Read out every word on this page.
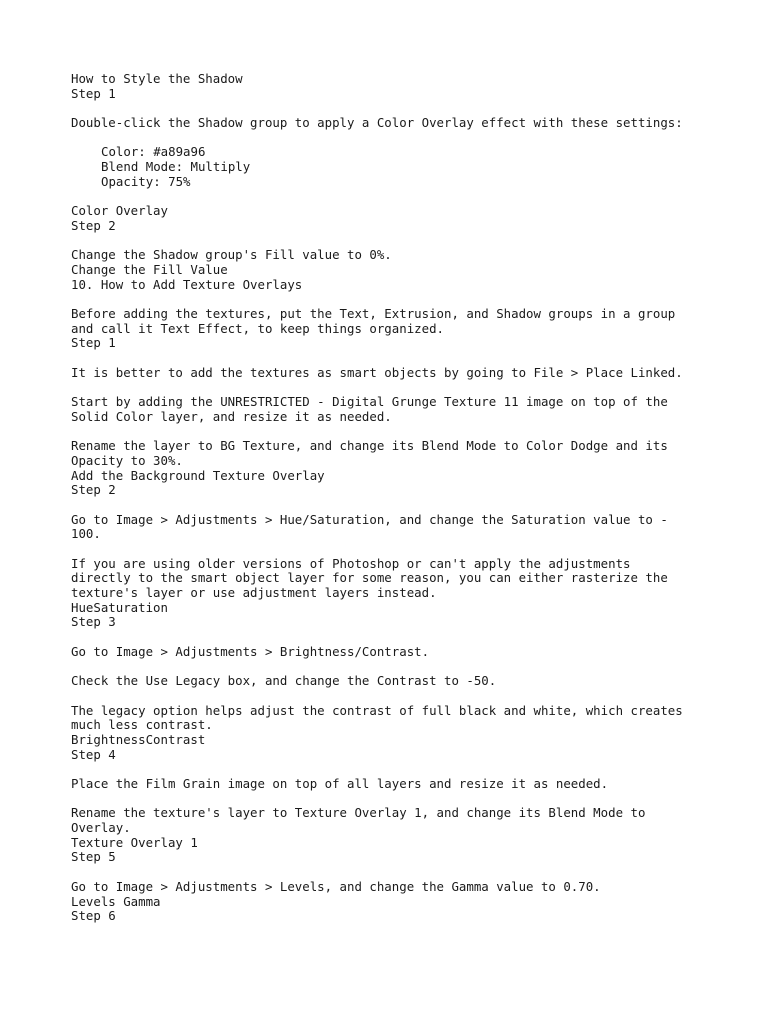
How to Style the Shadow
Step 1
Double-click the Shadow group to apply a Color Overlay effect with these settings:
Color: #a89a96
Blend Mode: Multiply
Opacity: 75%
Color Overlay
Step 2
Change the Shadow group's Fill value to 0%.
Change the Fill Value
10. How to Add Texture Overlays
Before adding the textures, put the Text, Extrusion, and Shadow groups in a group
and call it Text Effect, to keep things organized.
Step 1
It is better to add the textures as smart objects by going to File > Place Linked.
Start by adding the UNRESTRICTED - Digital Grunge Texture 11 image on top of the
Solid Color layer, and resize it as needed.
Rename the layer to BG Texture, and change its Blend Mode to Color Dodge and its
Opacity to 30%.
Add the Background Texture Overlay
Step 2
Go to Image > Adjustments > Hue/Saturation, and change the Saturation value to -
100.
If you are using older versions of Photoshop or can't apply the adjustments
directly to the smart object layer for some reason, you can either rasterize the
texture's layer or use adjustment layers instead.
HueSaturation
Step 3
Go to Image > Adjustments > Brightness/Contrast.
Check the Use Legacy box, and change the Contrast to -50.
The legacy option helps adjust the contrast of full black and white, which creates
much less contrast.
BrightnessContrast
Step 4
Place the Film Grain image on top of all layers and resize it as needed.
Rename the texture's layer to Texture Overlay 1, and change its Blend Mode to
Overlay.
Texture Overlay 1
Step 5
Go to Image > Adjustments > Levels, and change the Gamma value to 0.70.
Levels Gamma
Step 6
